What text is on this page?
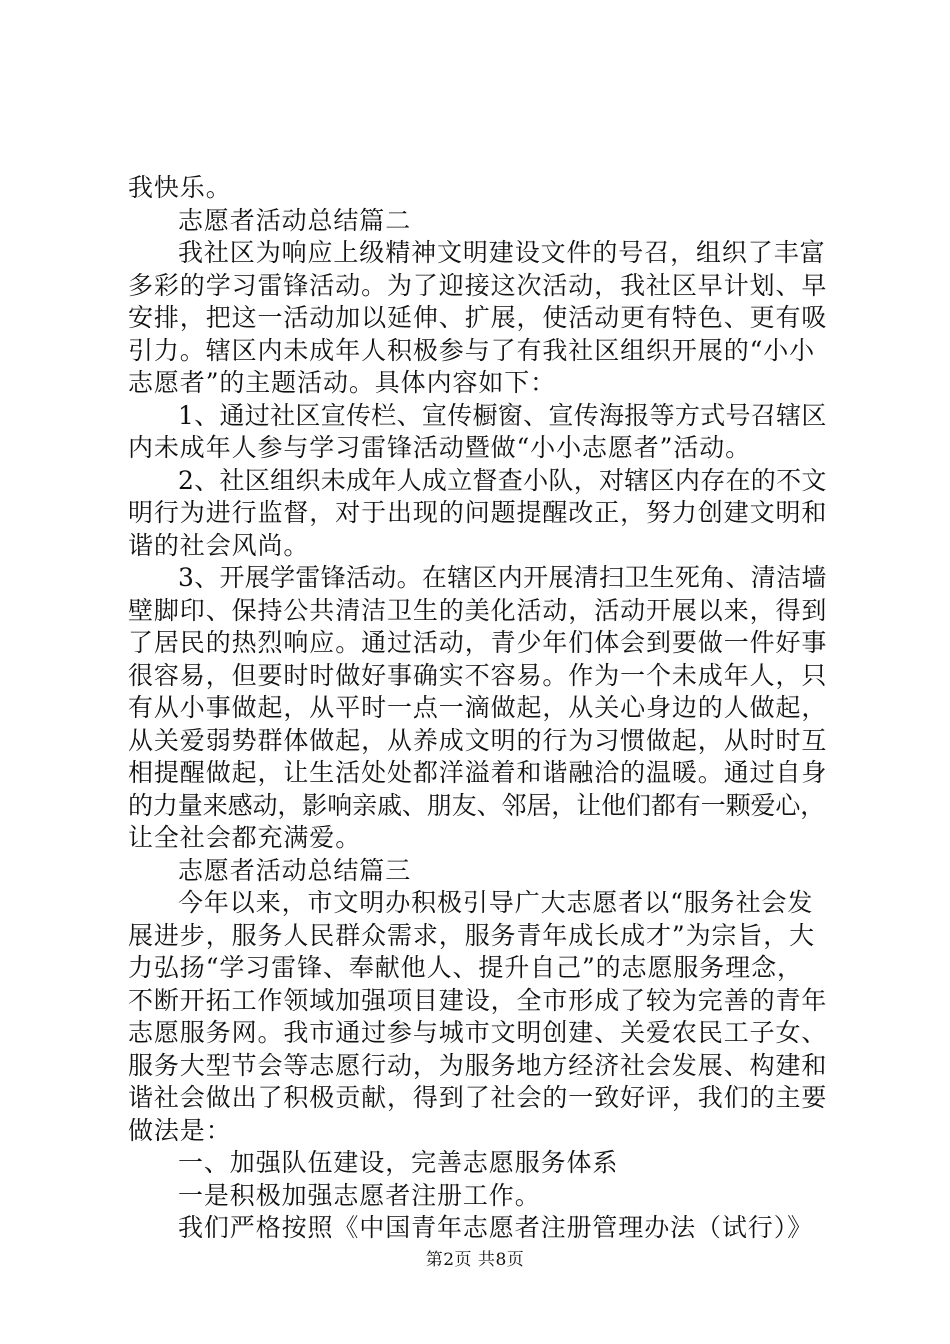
我快乐。
志愿者活动总结篇二
我社区为响应上级精神文明建设文件的号召，组织了丰富
多彩的学习雷锋活动。为了迎接这次活动，我社区早计划、早
安排，把这一活动加以延伸、扩展，使活动更有特色、更有吸
引力。辖区内未成年人积极参与了有我社区组织开展的“小小
志愿者”的主题活动。具体内容如下：
1、通过社区宣传栏、宣传橱窗、宣传海报等方式号召辖区
内未成年人参与学习雷锋活动暨做“小小志愿者”活动。
2、社区组织未成年人成立督查小队，对辖区内存在的不文
明行为进行监督，对于出现的问题提醒改正，努力创建文明和
谐的社会风尚。
3、开展学雷锋活动。在辖区内开展清扫卫生死角、清洁墙
壁脚印、保持公共清洁卫生的美化活动，活动开展以来，得到
了居民的热烈响应。通过活动，青少年们体会到要做一件好事
很容易，但要时时做好事确实不容易。作为一个未成年人，只
有从小事做起，从平时一点一滴做起，从关心身边的人做起，
从关爱弱势群体做起，从养成文明的行为习惯做起，从时时互
相提醒做起，让生活处处都洋溢着和谐融洽的温暖。通过自身
的力量来感动，影响亲戚、朋友、邻居，让他们都有一颗爱心，
让全社会都充满爱。
志愿者活动总结篇三
今年以来，市文明办积极引导广大志愿者以“服务社会发
展进步，服务人民群众需求，服务青年成长成才”为宗旨，大
力弘扬“学习雷锋、奉献他人、提升自己”的志愿服务理念，
不断开拓工作领域加强项目建设，全市形成了较为完善的青年
志愿服务网。我市通过参与城市文明创建、关爱农民工子女、
服务大型节会等志愿行动，为服务地方经济社会发展、构建和
谐社会做出了积极贡献，得到了社会的一致好评，我们的主要
做法是：
一、加强队伍建设，完善志愿服务体系
一是积极加强志愿者注册工作。
我们严格按照《中国青年志愿者注册管理办法（试行）》
第2页 共8页
